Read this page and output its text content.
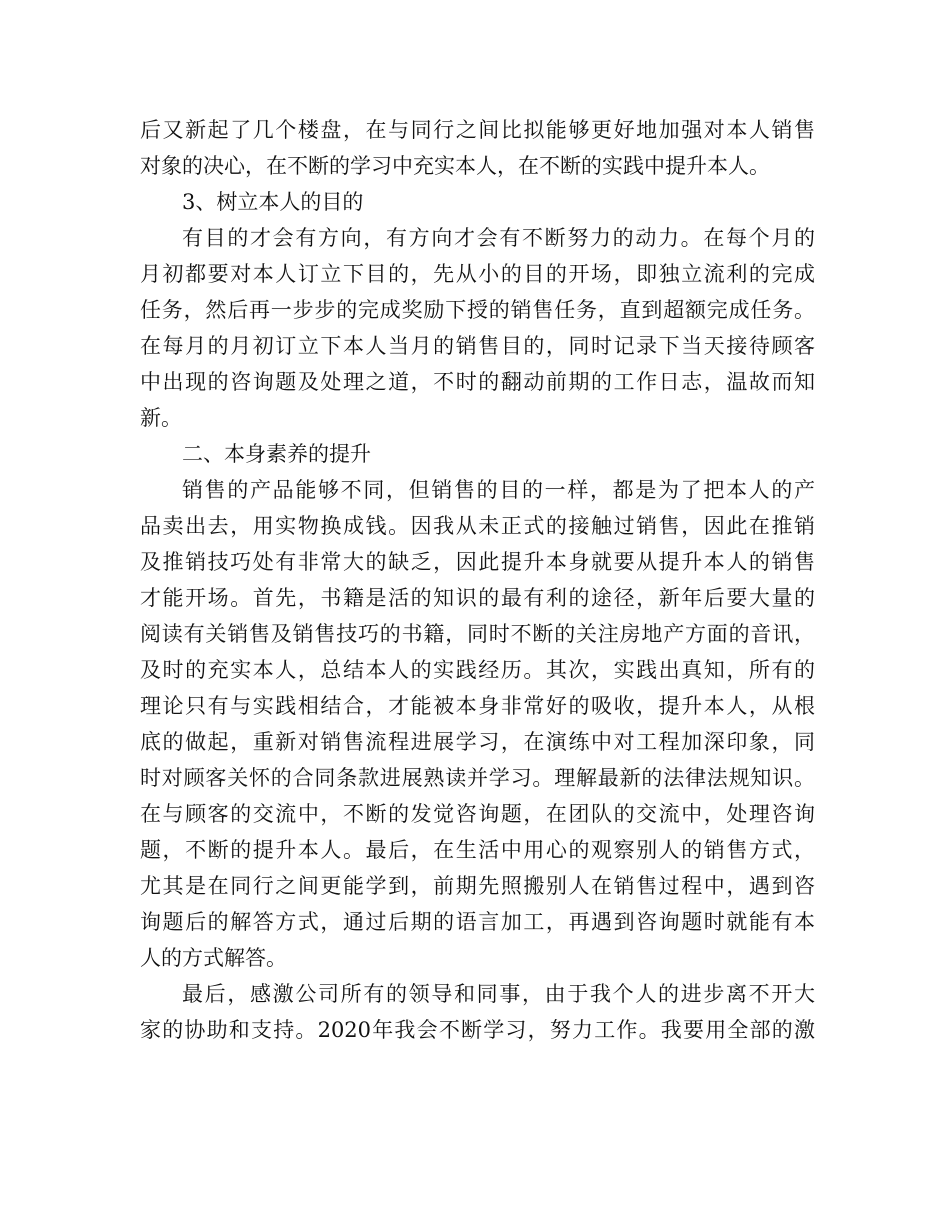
后又新起了几个楼盘，在与同行之间比拟能够更好地加强对本人销售
对象的决心，在不断的学习中充实本人，在不断的实践中提升本人。
3、树立本人的目的
有目的才会有方向，有方向才会有不断努力的动力。在每个月的
月初都要对本人订立下目的，先从小的目的开场，即独立流利的完成
任务，然后再一步步的完成奖励下授的销售任务，直到超额完成任务。
在每月的月初订立下本人当月的销售目的，同时记录下当天接待顾客
中出现的咨询题及处理之道，不时的翻动前期的工作日志，温故而知
新。
二、本身素养的提升
销售的产品能够不同，但销售的目的一样，都是为了把本人的产
品卖出去，用实物换成钱。因我从未正式的接触过销售，因此在推销
及推销技巧处有非常大的缺乏，因此提升本身就要从提升本人的销售
才能开场。首先，书籍是活的知识的最有利的途径，新年后要大量的
阅读有关销售及销售技巧的书籍，同时不断的关注房地产方面的音讯，
及时的充实本人，总结本人的实践经历。其次，实践出真知，所有的
理论只有与实践相结合，才能被本身非常好的吸收，提升本人，从根
底的做起，重新对销售流程进展学习，在演练中对工程加深印象，同
时对顾客关怀的合同条款进展熟读并学习。理解最新的法律法规知识。
在与顾客的交流中，不断的发觉咨询题，在团队的交流中，处理咨询
题，不断的提升本人。最后，在生活中用心的观察别人的销售方式，
尤其是在同行之间更能学到，前期先照搬别人在销售过程中，遇到咨
询题后的解答方式，通过后期的语言加工，再遇到咨询题时就能有本
人的方式解答。
最后，感激公司所有的领导和同事，由于我个人的进步离不开大
家的协助和支持。2020年我会不断学习，努力工作。我要用全部的激
